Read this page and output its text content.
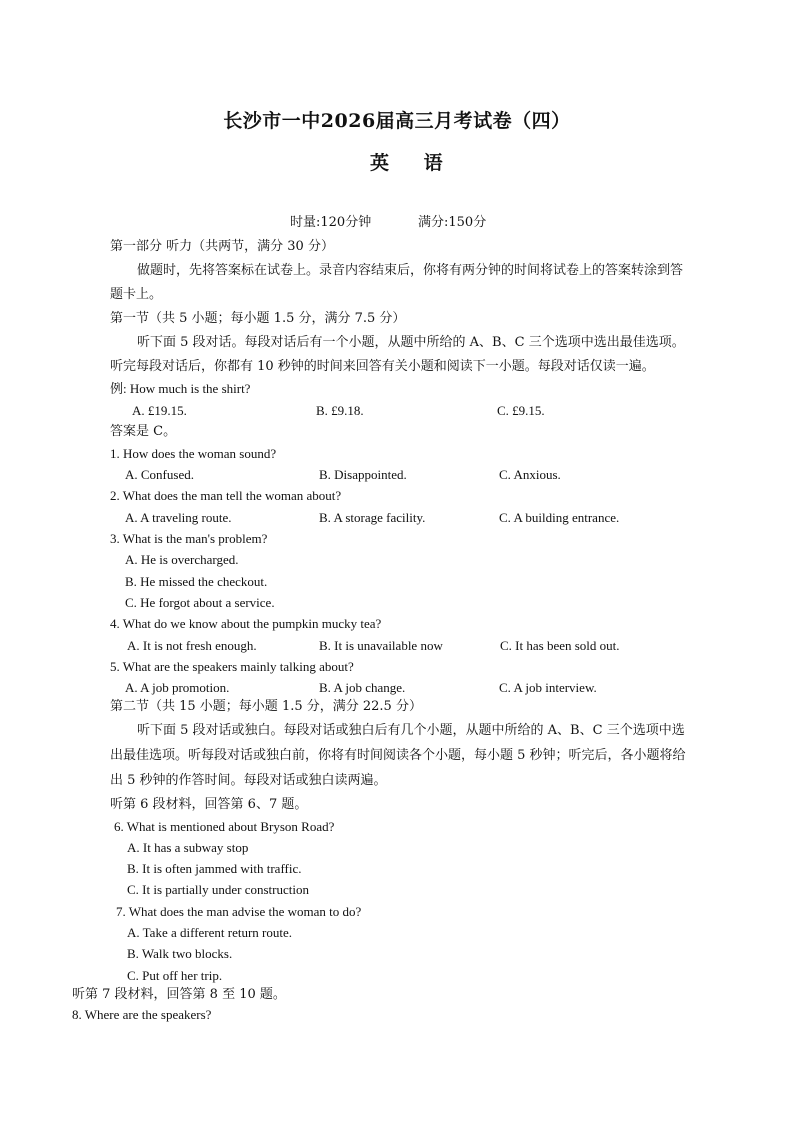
长沙市一中2026届高三月考试卷（四）
英 语
时量:120分钟	满分:150分
第一部分 听力（共两节，满分 30 分）
做题时，先将答案标在试卷上。录音内容结束后，你将有两分钟的时间将试卷上的答案转涂到答
题卡上。
第一节（共 5 小题；每小题 1.5 分，满分 7.5 分）
听下面 5 段对话。每段对话后有一个小题，从题中所给的 A、B、C 三个选项中选出最佳选项。
听完每段对话后，你都有 10 秒钟的时间来回答有关小题和阅读下一小题。每段对话仅读一遍。
例: How much is the shirt?
A. £19.15.	B. £9.18.	C. £9.15.
答案是 C。
1. How does the woman sound?
A. Confused.	B. Disappointed.	C. Anxious.
2. What does the man tell the woman about?
A. A traveling route.	B. A storage facility.	C. A building entrance.
3. What is the man's problem?
A. He is overcharged.
B. He missed the checkout.
C. He forgot about a service.
4. What do we know about the pumpkin mucky tea?
A. It is not fresh enough.	B. It is unavailable now	C. It has been sold out.
5. What are the speakers mainly talking about?
A. A job promotion.	B. A job change.	C. A job interview.
第二节（共 15 小题；每小题 1.5 分，满分 22.5 分）
听下面 5 段对话或独白。每段对话或独白后有几个小题，从题中所给的 A、B、C 三个选项中选
出最佳选项。听每段对话或独白前，你将有时间阅读各个小题，每小题 5 秒钟；听完后，各小题将给
出 5 秒钟的作答时间。每段对话或独白读两遍。
听第 6 段材料，回答第 6、7 题。
6. What is mentioned about Bryson Road?
A. It has a subway stop
B. It is often jammed with traffic.
C. It is partially under construction
7. What does the man advise the woman to do?
A. Take a different return route.
B. Walk two blocks.
C. Put off her trip.
听第 7 段材料，回答第 8 至 10 题。
8. Where are the speakers?
